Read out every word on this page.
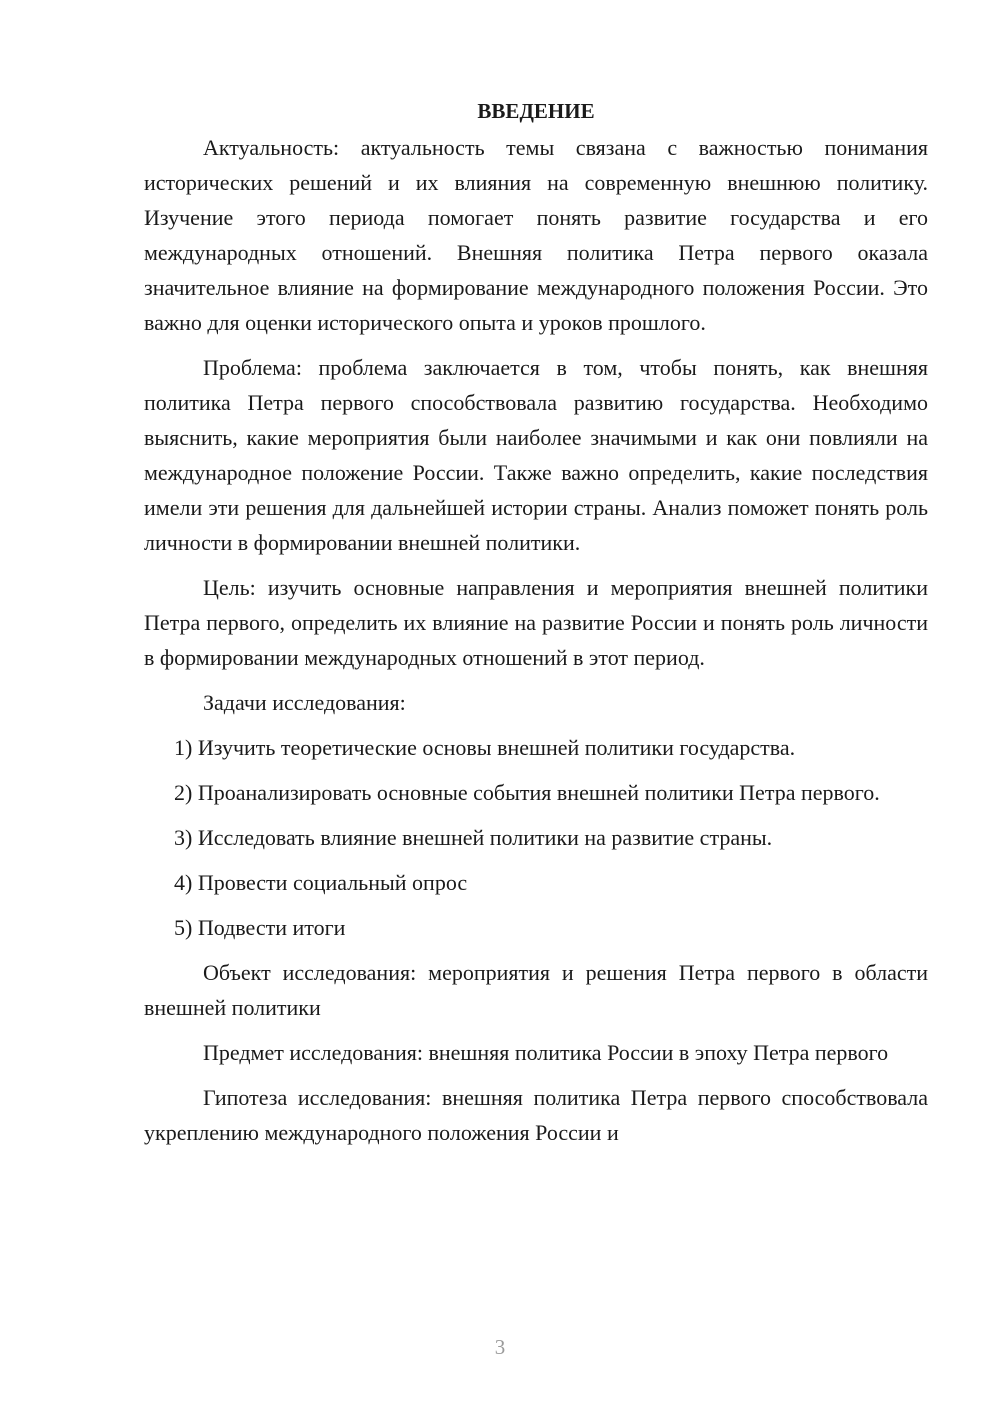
ВВЕДЕНИЕ

Актуальность: актуальность темы связана с важностью понимания исторических решений и их влияния на современную внешнюю политику. Изучение этого периода помогает понять развитие государства и его международных отношений. Внешняя политика Петра первого оказала значительное влияние на формирование международного положения России. Это важно для оценки исторического опыта и уроков прошлого.

Проблема: проблема заключается в том, чтобы понять, как внешняя политика Петра первого способствовала развитию государства. Необходимо выяснить, какие мероприятия были наиболее значимыми и как они повлияли на международное положение России. Также важно определить, какие последствия имели эти решения для дальнейшей истории страны. Анализ поможет понять роль личности в формировании внешней политики.

Цель: изучить основные направления и мероприятия внешней политики Петра первого, определить их влияние на развитие России и понять роль личности в формировании международных отношений в этот период.

Задачи исследования:

1) Изучить теоретические основы внешней политики государства.

2) Проанализировать основные события внешней политики Петра первого.

3) Исследовать влияние внешней политики на развитие страны.

4) Провести социальный опрос

5) Подвести итоги

Объект исследования: мероприятия и решения Петра первого в области внешней политики

Предмет исследования: внешняя политика России в эпоху Петра первого

Гипотеза исследования: внешняя политика Петра первого способствовала укреплению международного положения России и

3
